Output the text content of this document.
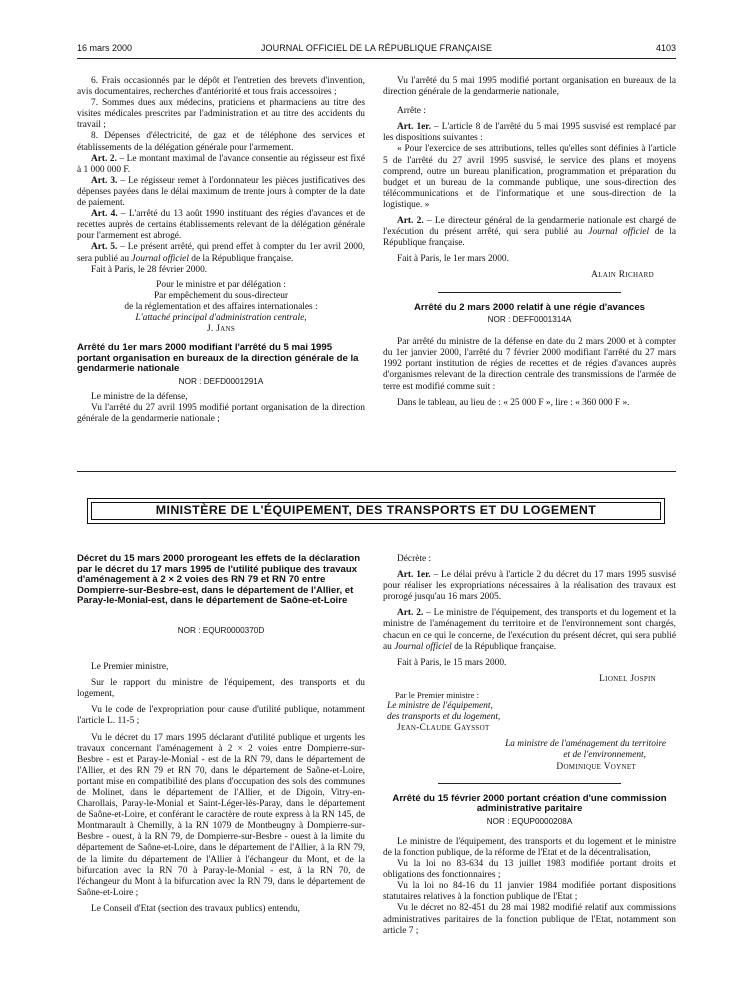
16 mars 2000	JOURNAL OFFICIEL DE LA RÉPUBLIQUE FRANÇAISE	4103

6. Frais occasionnés par le dépôt et l'entretien des brevets d'invention, avis documentaires, recherches d'antériorité et tous frais accessoires ;

7. Sommes dues aux médecins, praticiens et pharmaciens au titre des visites médicales prescrites par l'administration et au titre des accidents du travail ;

8. Dépenses d'électricité, de gaz et de téléphone des services et établissements de la délégation générale pour l'armement.

Art. 2. – Le montant maximal de l'avance consentie au régisseur est fixé à 1 000 000 F.

Art. 3. – Le régisseur remet à l'ordonnateur les pièces justificatives des dépenses payées dans le délai maximum de trente jours à compter de la date de paiement.

Art. 4. – L'arrêté du 13 août 1990 instituant des régies d'avances et de recettes auprès de certains établissements relevant de la délégation générale pour l'armement est abrogé.

Art. 5. – Le présent arrêté, qui prend effet à compter du 1er avril 2000, sera publié au Journal officiel de la République française.

Fait à Paris, le 28 février 2000.

Pour le ministre et par délégation :

Par empêchement du sous-directeur

de la réglementation et des affaires internationales :

L'attaché principal d'administration centrale,

J. Jans

Arrêté du 1er mars 2000 modifiant l'arrêté du 5 mai 1995 portant organisation en bureaux de la direction générale de la gendarmerie nationale
NOR : DEFD0001291A

Le ministre de la défense,

Vu l'arrêté du 27 avril 1995 modifié portant organisation de la direction générale de la gendarmerie nationale ;

Vu l'arrêté du 5 mai 1995 modifié portant organisation en bureaux de la direction générale de la gendarmerie nationale,

Arrête :

Art. 1er. – L'article 8 de l'arrêté du 5 mai 1995 susvisé est remplacé par les dispositions suivantes :

« Pour l'exercice de ses attributions, telles qu'elles sont définies à l'article 5 de l'arrêté du 27 avril 1995 susvisé, le service des plans et moyens comprend, outre un bureau planification, programmation et préparation du budget et un bureau de la commande publique, une sous-direction des télécommunications et de l'informatique et une sous-direction de la logistique. »

Art. 2. – Le directeur général de la gendarmerie nationale est chargé de l'exécution du présent arrêté, qui sera publié au Journal officiel de la République française.

Fait à Paris, le 1er mars 2000.

Alain Richard

Arrêté du 2 mars 2000 relatif à une régie d'avances
NOR : DEFF0001314A

Par arrêté du ministre de la défense en date du 2 mars 2000 et à compter du 1er janvier 2000, l'arrêté du 7 février 2000 modifiant l'arrêté du 27 mars 1992 portant institution de régies de recettes et de régies d'avances auprès d'organismes relevant de la direction centrale des transmissions de l'armée de terre est modifié comme suit :

Dans le tableau, au lieu de : « 25 000 F », lire : « 360 000 F ».

MINISTÈRE DE L'ÉQUIPEMENT, DES TRANSPORTS ET DU LOGEMENT
Décret du 15 mars 2000 prorogeant les effets de la déclaration par le décret du 17 mars 1995 de l'utilité publique des travaux d'aménagement à 2 × 2 voies des RN 79 et RN 70 entre Dompierre-sur-Besbre-est, dans le département de l'Allier, et Paray-le-Monial-est, dans le département de Saône-et-Loire
NOR : EQUR0000370D

Le Premier ministre,

Sur le rapport du ministre de l'équipement, des transports et du logement,

Vu le code de l'expropriation pour cause d'utilité publique, notamment l'article L. 11-5 ;

Vu le décret du 17 mars 1995 déclarant d'utilité publique et urgents les travaux concernant l'aménagement à 2 × 2 voies entre Dompierre-sur-Besbre - est et Paray-le-Monial - est de la RN 79, dans le département de l'Allier, et des RN 79 et RN 70, dans le département de Saône-et-Loire, portant mise en compatibilité des plans d'occupation des sols des communes de Molinet, dans le département de l'Allier, et de Digoin, Vitry-en-Charollais, Paray-le-Monial et Saint-Léger-lès-Paray, dans le département de Saône-et-Loire, et conférant le caractère de route express à la RN 145, de Montmarault à Chemilly, à la RN 1079 de Montbeugny à Dompierre-sur-Besbre - ouest, à la RN 79, de Dompierre-sur-Besbre - ouest à la limite du département de Saône-et-Loire, dans le département de l'Allier, à la RN 79, de la limite du département de l'Allier à l'échangeur du Mont, et de la bifurcation avec la RN 70 à Paray-le-Monial - est, à la RN 70, de l'échangeur du Mont à la bifurcation avec la RN 79, dans le département de Saône-et-Loire ;

Le Conseil d'Etat (section des travaux publics) entendu,

Décrète :

Art. 1er. – Le délai prévu à l'article 2 du décret du 17 mars 1995 susvisé pour réaliser les expropriations nécessaires à la réalisation des travaux est prorogé jusqu'au 16 mars 2005.

Art. 2. – Le ministre de l'équipement, des transports et du logement et la ministre de l'aménagement du territoire et de l'environnement sont chargés, chacun en ce qui le concerne, de l'exécution du présent décret, qui sera publié au Journal officiel de la République française.

Fait à Paris, le 15 mars 2000.

Lionel Jospin

Par le Premier ministre :

Le ministre de l'équipement,

des transports et du logement,

Jean-Claude Gayssot

La ministre de l'aménagement du territoire

et de l'environnement,

Dominique Voynet

Arrêté du 15 février 2000 portant création d'une commission administrative paritaire
NOR : EQUP0000208A

Le ministre de l'équipement, des transports et du logement et le ministre de la fonction publique, de la réforme de l'Etat et de la décentralisation,

Vu la loi no 83-634 du 13 juillet 1983 modifiée portant droits et obligations des fonctionnaires ;

Vu la loi no 84-16 du 11 janvier 1984 modifiée portant dispositions statutaires relatives à la fonction publique de l'Etat ;

Vu le décret no 82-451 du 28 mai 1982 modifié relatif aux commissions administratives paritaires de la fonction publique de l'Etat, notamment son article 7 ;
